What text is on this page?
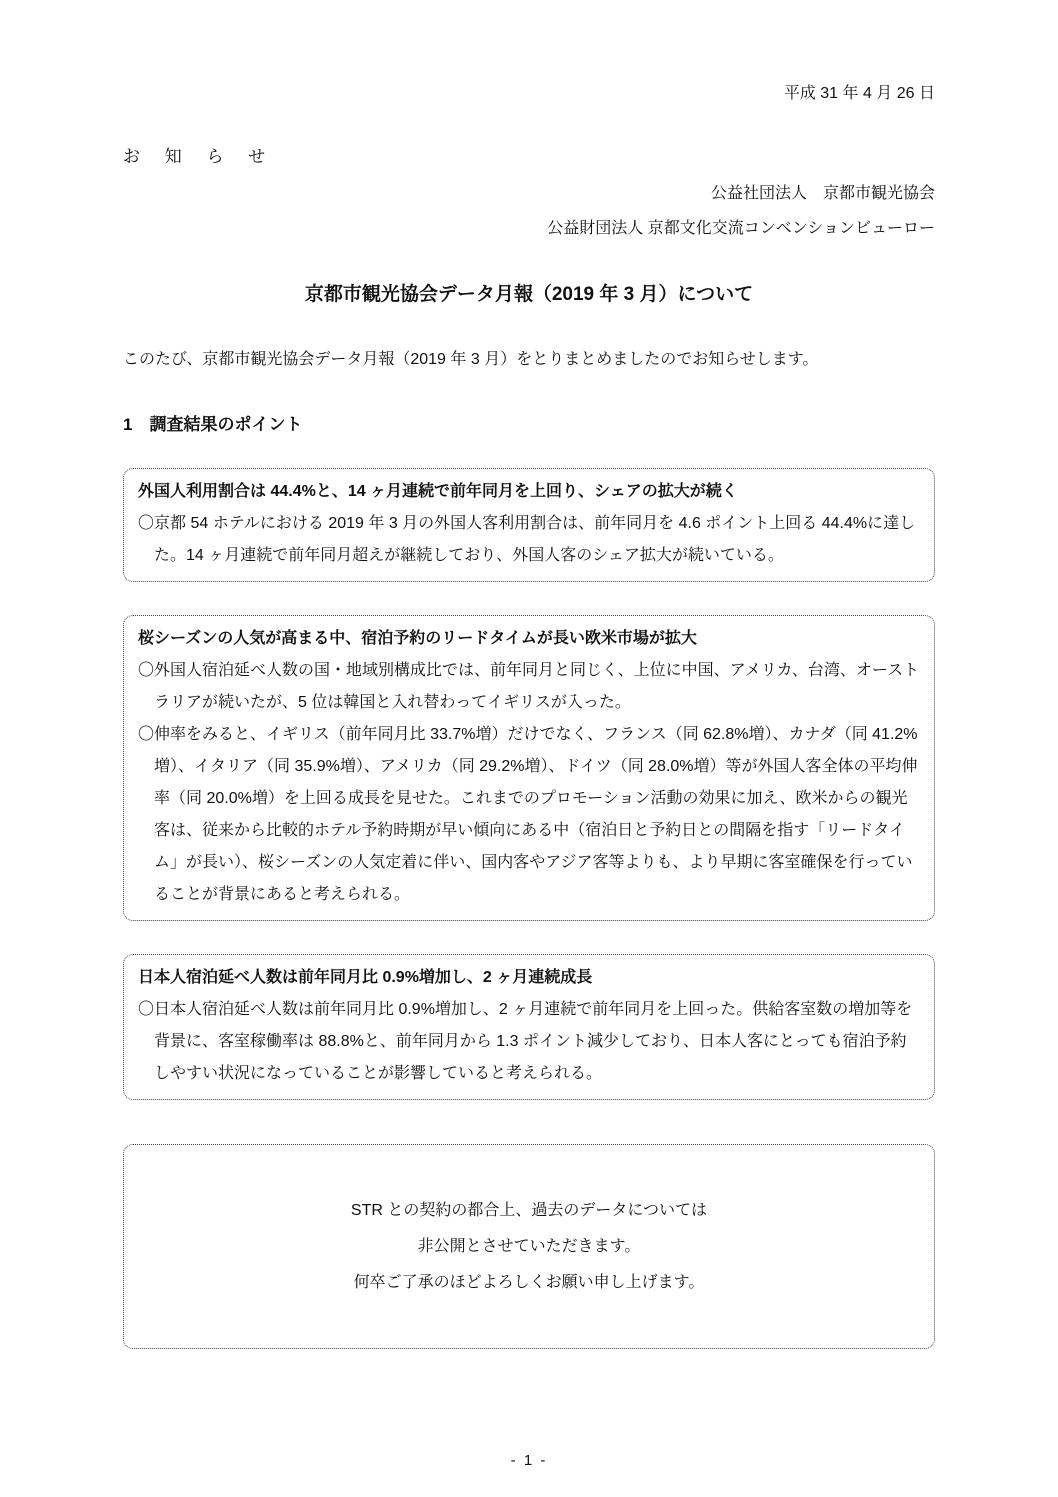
平成 31 年 4 月 26 日
お 知 ら せ
公益社団法人　京都市観光協会
公益財団法人 京都文化交流コンベンションビューロー
京都市観光協会データ月報（2019 年 3 月）について

このたび、京都市観光協会データ月報（2019 年 3 月）をとりまとめましたのでお知らせします。

1　調査結果のポイント
外国人利用割合は 44.4%と、14 ヶ月連続で前年同月を上回り、シェアの拡大が続く

〇京都 54 ホテルにおける 2019 年 3 月の外国人客利用割合は、前年同月を 4.6 ポイント上回る 44.4%に達した。14 ヶ月連続で前年同月超えが継続しており、外国人客のシェア拡大が続いている。

桜シーズンの人気が高まる中、宿泊予約のリードタイムが長い欧米市場が拡大

〇外国人宿泊延べ人数の国・地域別構成比では、前年同月と同じく、上位に中国、アメリカ、台湾、オーストラリアが続いたが、5 位は韓国と入れ替わってイギリスが入った。

〇伸率をみると、イギリス（前年同月比 33.7%増）だけでなく、フランス（同 62.8%増）、カナダ（同 41.2%増）、イタリア（同 35.9%増）、アメリカ（同 29.2%増）、ドイツ（同 28.0%増）等が外国人客全体の平均伸率（同 20.0%増）を上回る成長を見せた。これまでのプロモーション活動の効果に加え、欧米からの観光客は、従来から比較的ホテル予約時期が早い傾向にある中（宿泊日と予約日との間隔を指す「リードタイム」が長い）、桜シーズンの人気定着に伴い、国内客やアジア客等よりも、より早期に客室確保を行っていることが背景にあると考えられる。

日本人宿泊延べ人数は前年同月比 0.9%増加し、2 ヶ月連続成長

〇日本人宿泊延べ人数は前年同月比 0.9%増加し、2 ヶ月連続で前年同月を上回った。供給客室数の増加等を背景に、客室稼働率は 88.8%と、前年同月から 1.3 ポイント減少しており、日本人客にとっても宿泊予約しやすい状況になっていることが影響していると考えられる。

STR との契約の都合上、過去のデータについては
非公開とさせていただきます。
何卒ご了承のほどよろしくお願い申し上げます。
- 1 -
